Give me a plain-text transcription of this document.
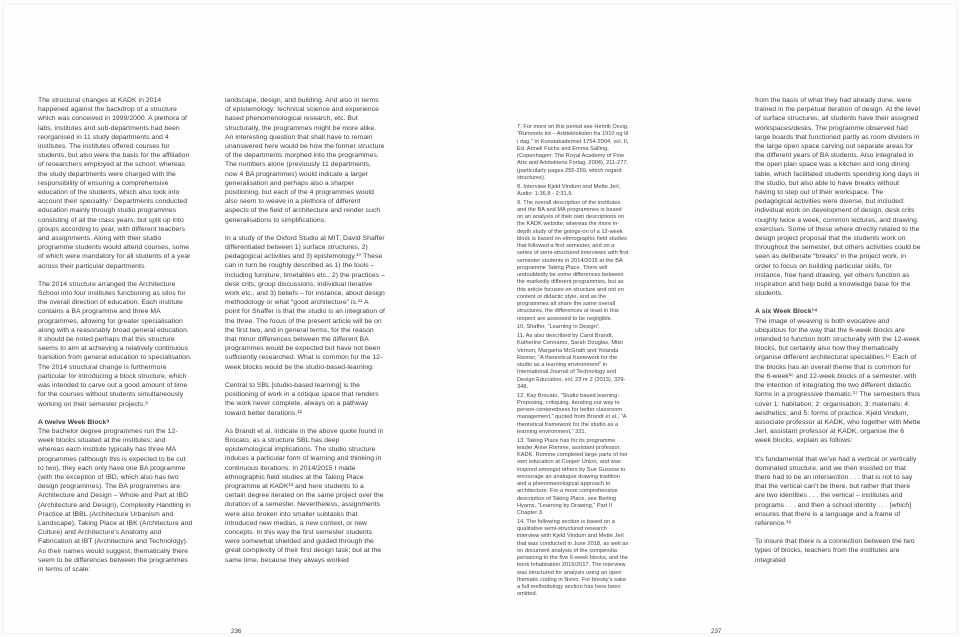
The structural changes at KADK in 2014 happened against the backdrop of a structure which was conceived in 1999/2000. A plethora of labs, institutes and sub-departments had been reorganised in 11 study departments and 4 institutes. The institutes offered courses for students, but also were the basis for the affiliation of researchers employed at the school; whereas the study departments were charged with the responsibility of ensuring a comprehensive education of the students, which also took into account their speciality.⁷ Departments conducted education mainly through studio programmes consisting of all the class years, but split up into groups according to year, with different teachers and assignments. Along with their studio programme students would attend courses, some of which were mandatory for all students of a year across their particular departments.

The 2014 structure arranged the Architecture School into four institutes functioning as silos for the overall direction of education. Each institute contains a BA programme and three MA programmes, allowing for greater specialisation along with a reasonably broad general education. It should be noted perhaps that this structure seems to aim at achieving a relatively continuous transition from general education to specialisation. The 2014 structural change is furthermore particular for introducing a block structure, which was intended to carve out a good amount of time for the courses without students simultaneously working on their semester projects.⁸

A twelve Week Block⁹

The bachelor degree programmes run the 12-week blocks situated at the institutes; and whereas each institute typically has three MA programmes (although this is expected to be cut to two), they each only have one BA programme (with the exception of IBD, which also has two design programmes). The BA programmes are: Architecture and Design – Whole and Part at IBD (Architecture and Design), Complexity Handling in Practice at IBBL (Architecture Urbanism and Landscape), Taking Place at IBK (Architecture and Culture) and Architecture's Anatomy and Fabrication at IBT (Architecture and Technology). As their names would suggest, thematically there seem to be differences between the programmes in terms of scale:

landscape, design, and building. And also in terms of epistemology: technical science and experience based phenomenological research, etc. But structurally, the programmes might be more alike. An interesting question that shall have to remain unanswered here would be how the former structure of the departments morphed into the programmes. The numbers alone (previously 11 departments, now 4 BA programmes) would indicate a larger generalisation and perhaps also a sharper positioning, but each of the 4 programmes would also seem to weave in a plethora of different aspects of the field of architecture and render such generalisations to simplifications.

In a study of the Oxford Studio at MIT, David Shaffer differentiated between 1) surface structures, 2) pedagogical activities and 3) epistemology.¹⁰ These can in turn be roughly described as 1) the tools – including furniture, timetables etc., 2) the practices – desk crits, group discussions, individual iterative work etc., and 3) beliefs – for instance, about design methodology or what “good architecture” is.¹¹ A point for Shaffer is that the studio is an integration of the three. The focus of the present article will be on the first two, and in general terms, for the reason that minor differences between the different BA programmes would be expected but have not been sufficiently researched. What is common for the 12-week blocks would be the studio-based-learning:

Central to SBL [studio-based learning] is the positioning of work in a critique space that renders the work never complete, always on a pathway toward better iterations.¹²

As Brandt et al. indicate in the above quote found in Brocato, as a structure SBL has deep epistemological implications. The studio structure induces a particular form of learning and thinking in continuous iterations. In 2014/2015 I made ethnographic field studies at the Taking Place programme at KADK¹³ and here students to a certain degree iterated on the same project over the duration of a semester. Nevertheless, assignments were also broken into smaller subtasks that introduced new medias, a new context, or new concepts. In this way the first semester students were somewhat shielded and guided through the great complexity of their first design task; but at the same time, because they always worked

7. For more on this period see Henrik Oxvig, “Rummets tid – Arkitektskolen fra 1910 og til i dag.” In Kunstakademiet 1754-2004, vol. II, Ed. Anneli Fuchs and Emma Salling, (Copenhagen: The Royal Academy of Fine Arts and Arkitektens Forlag, 2004), 211-277, (particularly pages 255-259, which regard structures).

8. Interview Kjeld Vindum and Mette Jerl, Audio: 1:36,8 - 2:31,9.

9. The overall description of the institutes and the BA and MA programmes is based on an analysis of their own descriptions on the KADK website; whereas the more in-depth study of the goings-on of a 12-week block is based on ethnographic field studies that followed a first semester, and on a series of semi-structured interviews with first semester students in 2014/2015 at the BA programme Taking Place. There will undoubtedly be some differences between the markedly different programmes, but as this article focuses on structure and not on content or didactic style, and as the programmes all share the same overall structures, the differences at least in this respect are assessed to be negligible.

10. Shaffer, “Learning in Design”.

11. As also described by Carol Brandt, Katherine Cennamo, Sarah Douglas, Mitzi Vernon, Margarita McGrath and Yolanda Reimer, “A theoretical framework for the studio as a learning environment” in International Journal of Technology and Design Education, vol. 23 nr 2 (2013), 329-348.

12. Kay Brocato, “Studio based learning: Proposing, critiquing, iterating our way to person-centeredness for better classroom management,” quoted from Brandt et al., “A theoretical framework for the studio as a learning environment,” 331.

13. Taking Place has for its programme leader Anne Romme, assistant professor, KADK. Romme completed large parts of her own education at Cooper Union, and was inspired amongst others by Sue Gussow to encourage an analogue drawing tradition and a phenomenological approach to architecture. For a more comprehensive description of Taking Place, see Berling Hyams, “Learning by Drawing,” Part II Chapter 3.

14. The following section is based on a qualitative semi-structured research interview with Kjeld Vindum and Mette Jerl that was conducted in June 2018, as well as on document analysis of the compendia pertaining to the five 6-week blocks, and the book Inhabitation 2016/2017. The interview was structured for analysis using an open thematic coding in Nvivo. For brevity's sake a full methodology section has here been omitted.

from the basis of what they had already done, were trained in the perpetual iteration of design. At the level of surface structures, all students have their assigned workspaces/desks. The programme observed had large boards that functioned partly as room dividers in the large open space carving out separate areas for the different years of BA students. Also integrated in the open plan space was a kitchen and long dining table, which facilitated students spending long days in the studio, but also able to have breaks without having to step out of their workspace. The pedagogical activities were diverse, but included: individual work on development of design, desk crits roughly twice a week, common lectures, and drawing exercises. Some of these where directly related to the design project proposal that the students work on throughout the semester, but others activities could be seen as deliberate “breaks” in the project work, in order to focus on building particular skills, for instance, free hand drawing, yet others function as inspiration and help build a knowledge base for the students.

A six Week Block¹⁴

The image of weaving is both evocative and ubiquitous for the way that the 6-week blocks are intended to function both structurally with the 12-week blocks, but certainly also how they thematically organise different architectural specialities.¹⁵ Each of the blocks has an overall theme that is common for the 6-week¹⁶ and 12-week blocks of a semester, with the intention of integrating the two different didactic forms in a progressive thematic.¹⁷ The semesters thus cover 1: habitation; 2: organisation; 3: materials; 4: aesthetics; and 5: forms of practice. Kjeld Vindum, associate professor at KADK, who together with Mette Jerl, assistant professor at KADK, organise the 6 week blocks, explain as follows:

It's fundamental that we've had a vertical or vertically dominated structure, and we then insisted on that there had to be an intersection . . . that is not to say that the vertical can't be there, but rather that there are two identities . . . the vertical – institutes and programs . . . and then a school identity . . . [which] ensures that there is a language and a frame of reference.¹⁸

To insure that there is a connection between the two types of blocks, teachers from the institutes are integrated

236	237
